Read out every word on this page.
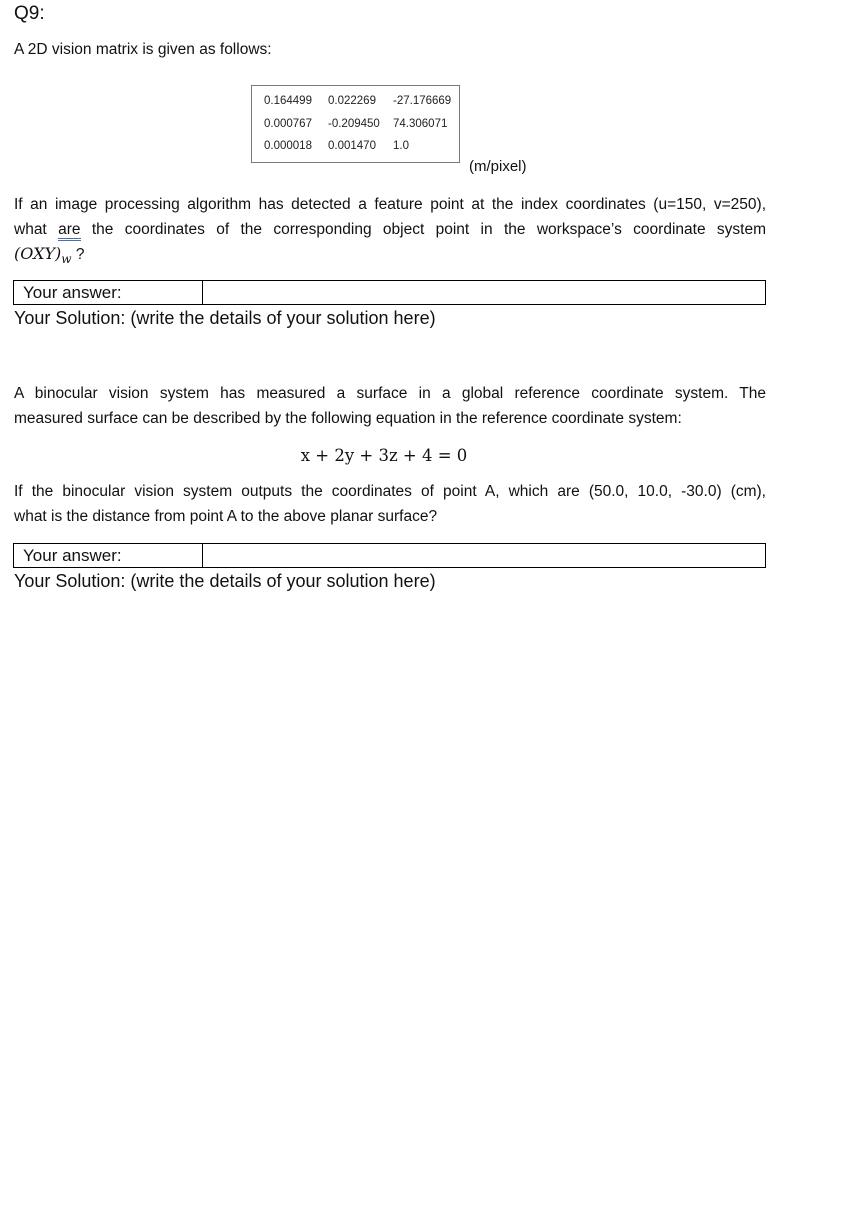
Q9:
A 2D vision matrix is given as follows:
0.164499 0.022269 -27.176669
0.000767 -0.209450 74.306071
0.000018 0.001470 1.0
(m/pixel)
If an image processing algorithm has detected a feature point at the index coordinates (u=150, v=250),
what are the coordinates of the corresponding object point in the workspace’s coordinate system
$(OXY)_w$ ?
Your answer:
Your Solution: (write the details of your solution here)
A binocular vision system has measured a surface in a global reference coordinate system. The
measured surface can be described by the following equation in the reference coordinate system:
x + 2y + 3z + 4 = 0
If the binocular vision system outputs the coordinates of point A, which are (50.0, 10.0, -30.0) (cm),
what is the distance from point A to the above planar surface?
Your answer:
Your Solution: (write the details of your solution here)
